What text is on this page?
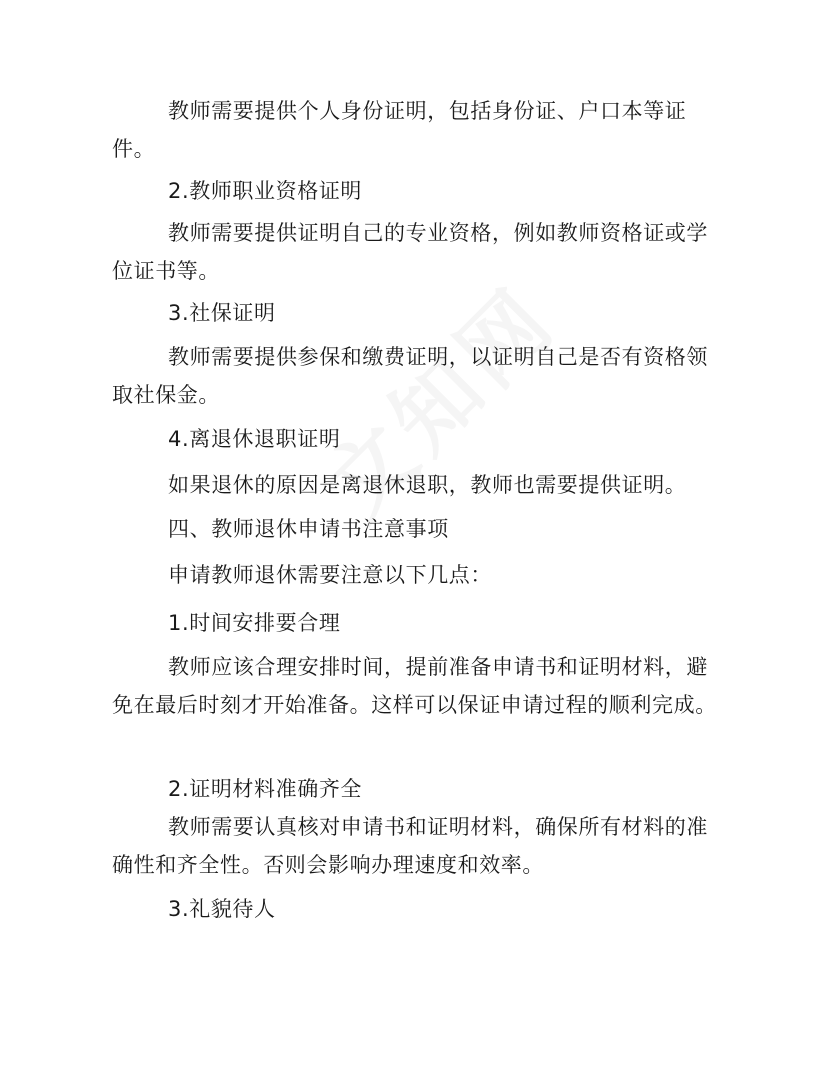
教师需要提供个人身份证明，包括身份证、户口本等证件。

2.教师职业资格证明

教师需要提供证明自己的专业资格，例如教师资格证或学位证书等。

3.社保证明

教师需要提供参保和缴费证明，以证明自己是否有资格领取社保金。

4.离退休退职证明

如果退休的原因是离退休退职，教师也需要提供证明。

四、教师退休申请书注意事项

申请教师退休需要注意以下几点：

1.时间安排要合理

教师应该合理安排时间，提前准备申请书和证明材料，避免在最后时刻才开始准备。这样可以保证申请过程的顺利完成。

2.证明材料准确齐全

教师需要认真核对申请书和证明材料，确保所有材料的准确性和齐全性。否则会影响办理速度和效率。

3.礼貌待人
